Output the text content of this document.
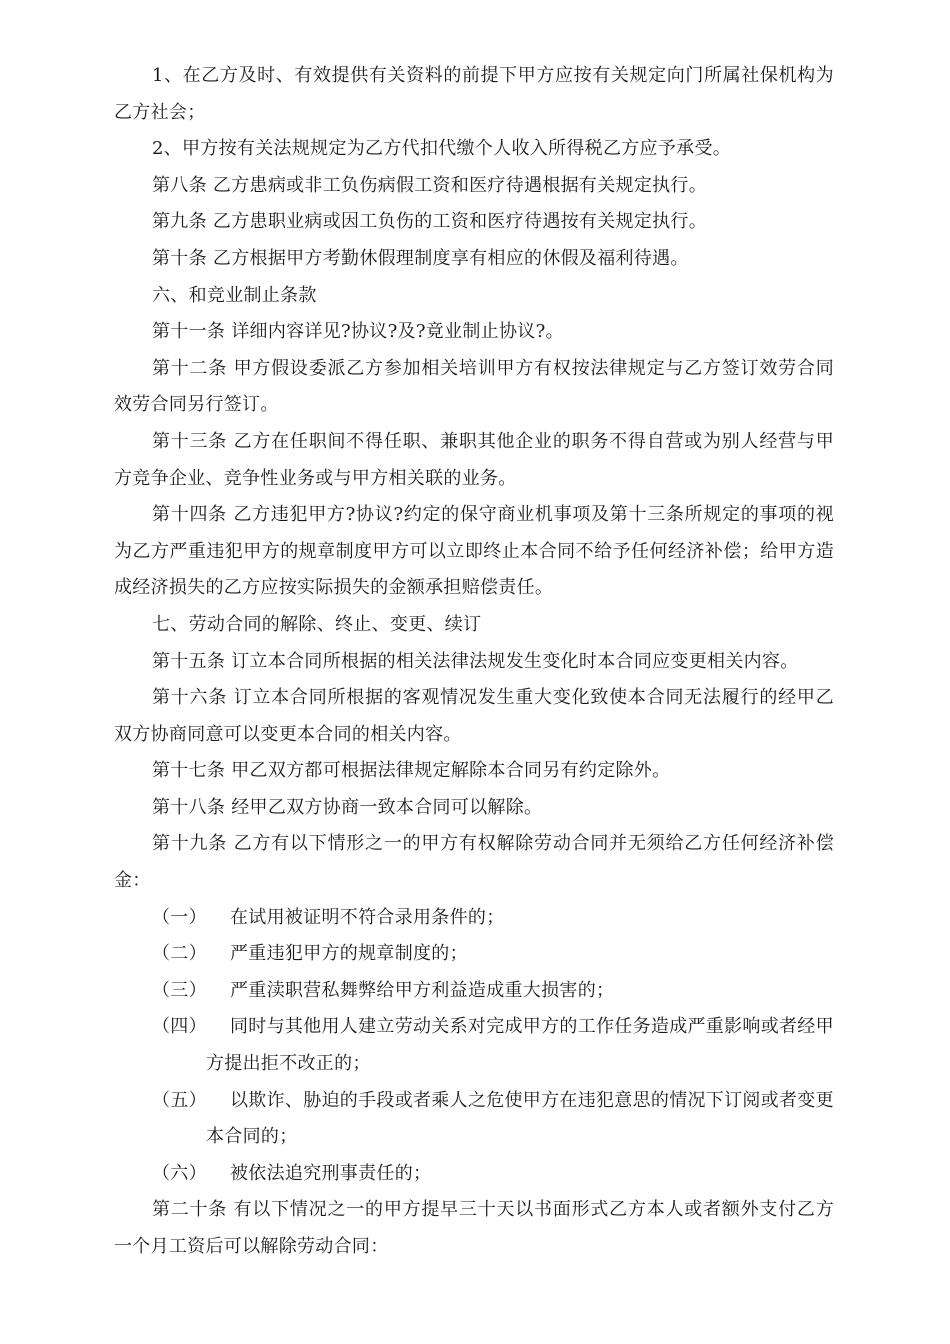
1、在乙方及时、有效提供有关资料的前提下甲方应按有关规定向门所属社保机构为乙方社会；

2、甲方按有关法规规定为乙方代扣代缴个人收入所得税乙方应予承受。

第八条 乙方患病或非工负伤病假工资和医疗待遇根据有关规定执行。

第九条 乙方患职业病或因工负伤的工资和医疗待遇按有关规定执行。

第十条 乙方根据甲方考勤休假理制度享有相应的休假及福利待遇。

六、和竞业制止条款

第十一条 详细内容详见?协议?及?竟业制止协议?。

第十二条 甲方假设委派乙方参加相关培训甲方有权按法律规定与乙方签订效劳合同效劳合同另行签订。

第十三条 乙方在任职间不得任职、兼职其他企业的职务不得自营或为别人经营与甲方竞争企业、竞争性业务或与甲方相关联的业务。

第十四条 乙方违犯甲方?协议?约定的保守商业机事项及第十三条所规定的事项的视为乙方严重违犯甲方的规章制度甲方可以立即终止本合同不给予任何经济补偿；给甲方造成经济损失的乙方应按实际损失的金额承担赔偿责任。

七、劳动合同的解除、终止、变更、续订

第十五条 订立本合同所根据的相关法律法规发生变化时本合同应变更相关内容。

第十六条 订立本合同所根据的客观情况发生重大变化致使本合同无法履行的经甲乙双方协商同意可以变更本合同的相关内容。

第十七条 甲乙双方都可根据法律规定解除本合同另有约定除外。

第十八条 经甲乙双方协商一致本合同可以解除。

第十九条 乙方有以下情形之一的甲方有权解除劳动合同并无须给乙方任何经济补偿金：

（一）	在试用被证明不符合录用条件的；
（二）	严重违犯甲方的规章制度的；
（三）	严重渎职营私舞弊给甲方利益造成重大损害的；
（四） 同时与其他用人建立劳动关系对完成甲方的工作任务造成严重影响或者经甲方提出拒不改正的；
（五） 以欺诈、胁迫的手段或者乘人之危使甲方在违犯意思的情况下订阅或者变更本合同的；
（六）	被依法追究刑事责任的；

第二十条 有以下情况之一的甲方提早三十天以书面形式乙方本人或者额外支付乙方一个月工资后可以解除劳动合同：
